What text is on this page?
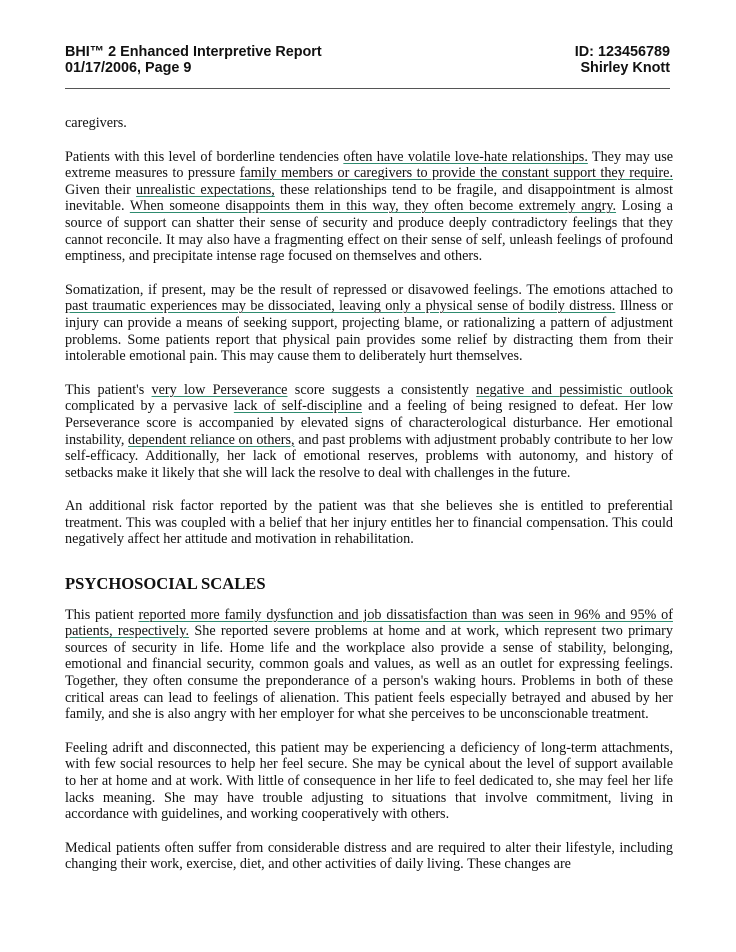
BHI™ 2 Enhanced Interpretive Report	ID: 123456789
01/17/2006, Page 9	Shirley Knott

caregivers.

Patients with this level of borderline tendencies often have volatile love-hate relationships. They may use extreme measures to pressure family members or caregivers to provide the constant support they require. Given their unrealistic expectations, these relationships tend to be fragile, and disappointment is almost inevitable. When someone disappoints them in this way, they often become extremely angry. Losing a source of support can shatter their sense of security and produce deeply contradictory feelings that they cannot reconcile. It may also have a fragmenting effect on their sense of self, unleash feelings of profound emptiness, and precipitate intense rage focused on themselves and others.

Somatization, if present, may be the result of repressed or disavowed feelings. The emotions attached to past traumatic experiences may be dissociated, leaving only a physical sense of bodily distress. Illness or injury can provide a means of seeking support, projecting blame, or rationalizing a pattern of adjustment problems. Some patients report that physical pain provides some relief by distracting them from their intolerable emotional pain. This may cause them to deliberately hurt themselves.

This patient's very low Perseverance score suggests a consistently negative and pessimistic outlook complicated by a pervasive lack of self-discipline and a feeling of being resigned to defeat. Her low Perseverance score is accompanied by elevated signs of characterological disturbance. Her emotional instability, dependent reliance on others, and past problems with adjustment probably contribute to her low self-efficacy. Additionally, her lack of emotional reserves, problems with autonomy, and history of setbacks make it likely that she will lack the resolve to deal with challenges in the future.

An additional risk factor reported by the patient was that she believes she is entitled to preferential treatment. This was coupled with a belief that her injury entitles her to financial compensation. This could negatively affect her attitude and motivation in rehabilitation.

PSYCHOSOCIAL SCALES

This patient reported more family dysfunction and job dissatisfaction than was seen in 96% and 95% of patients, respectively. She reported severe problems at home and at work, which represent two primary sources of security in life. Home life and the workplace also provide a sense of stability, belonging, emotional and financial security, common goals and values, as well as an outlet for expressing feelings. Together, they often consume the preponderance of a person's waking hours. Problems in both of these critical areas can lead to feelings of alienation. This patient feels especially betrayed and abused by her family, and she is also angry with her employer for what she perceives to be unconscionable treatment.

Feeling adrift and disconnected, this patient may be experiencing a deficiency of long-term attachments, with few social resources to help her feel secure. She may be cynical about the level of support available to her at home and at work. With little of consequence in her life to feel dedicated to, she may feel her life lacks meaning. She may have trouble adjusting to situations that involve commitment, living in accordance with guidelines, and working cooperatively with others.

Medical patients often suffer from considerable distress and are required to alter their lifestyle, including changing their work, exercise, diet, and other activities of daily living. These changes are
